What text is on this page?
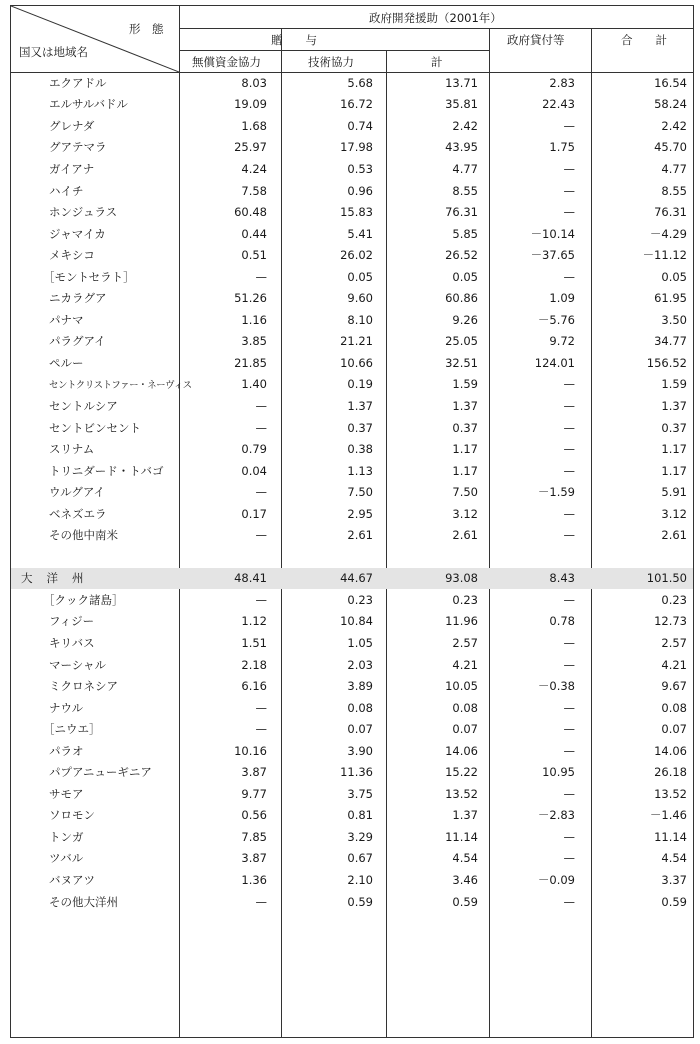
形　態
国又は地域名
政府開発援助（2001年）
贈　　与
無償資金協力	技術協力	計
政府貸付等	合　　計
エクアドル	8.03	5.68	13.71	2.83	16.54
エルサルバドル	19.09	16.72	35.81	22.43	58.24
グレナダ	1.68	0.74	2.42	—	2.42
グアテマラ	25.97	17.98	43.95	1.75	45.70
ガイアナ	4.24	0.53	4.77	—	4.77
ハイチ	7.58	0.96	8.55	—	8.55
ホンジュラス	60.48	15.83	76.31	—	76.31
ジャマイカ	0.44	5.41	5.85	－10.14	－4.29
メキシコ	0.51	26.02	26.52	－37.65	－11.12
［モントセラト］	—	0.05	0.05	—	0.05
ニカラグア	51.26	9.60	60.86	1.09	61.95
パナマ	1.16	8.10	9.26	－5.76	3.50
パラグアイ	3.85	21.21	25.05	9.72	34.77
ペルー	21.85	10.66	32.51	124.01	156.52
セントクリストファー・ネーヴィス	1.40	0.19	1.59	—	1.59
セントルシア	—	1.37	1.37	—	1.37
セントビンセント	—	0.37	0.37	—	0.37
スリナム	0.79	0.38	1.17	—	1.17
トリニダード・トバゴ	0.04	1.13	1.17	—	1.17
ウルグアイ	—	7.50	7.50	－1.59	5.91
ベネズエラ	0.17	2.95	3.12	—	3.12
その他中南米	—	2.61	2.61	—	2.61
大洋州	48.41	44.67	93.08	8.43	101.50
［クック諸島］	—	0.23	0.23	—	0.23
フィジー	1.12	10.84	11.96	0.78	12.73
キリバス	1.51	1.05	2.57	—	2.57
マーシャル	2.18	2.03	4.21	—	4.21
ミクロネシア	6.16	3.89	10.05	－0.38	9.67
ナウル	—	0.08	0.08	—	0.08
［ニウエ］	—	0.07	0.07	—	0.07
パラオ	10.16	3.90	14.06	—	14.06
パプアニューギニア	3.87	11.36	15.22	10.95	26.18
サモア	9.77	3.75	13.52	—	13.52
ソロモン	0.56	0.81	1.37	－2.83	－1.46
トンガ	7.85	3.29	11.14	—	11.14
ツバル	3.87	0.67	4.54	—	4.54
バヌアツ	1.36	2.10	3.46	－0.09	3.37
その他大洋州	—	0.59	0.59	—	0.59
